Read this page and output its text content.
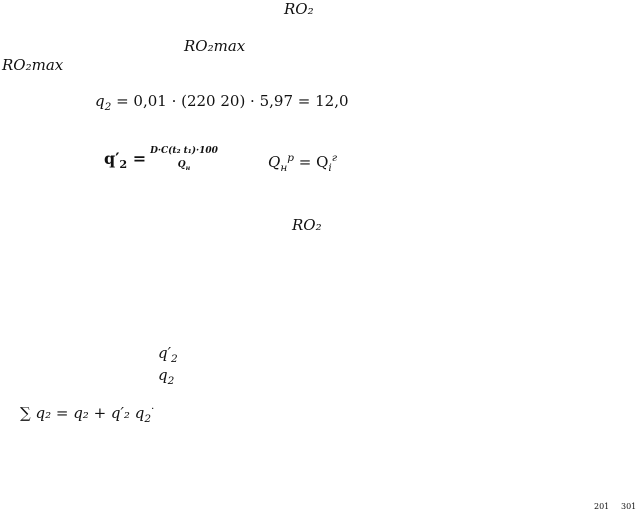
RO₂
RO₂max
RO₂max
$q_2 = 0,01 \cdot (220$ 20) · 5,97 = 12,0
$q'_2 = D\cdot C(t_2$ t₁)·100
$Q_н$	$Q_н^р = Q_i^г$
RO₂
$q'_2$
$q_2$
∑ q₂ = q₂ + q′₂ $q_2^\cdot$
201 301
